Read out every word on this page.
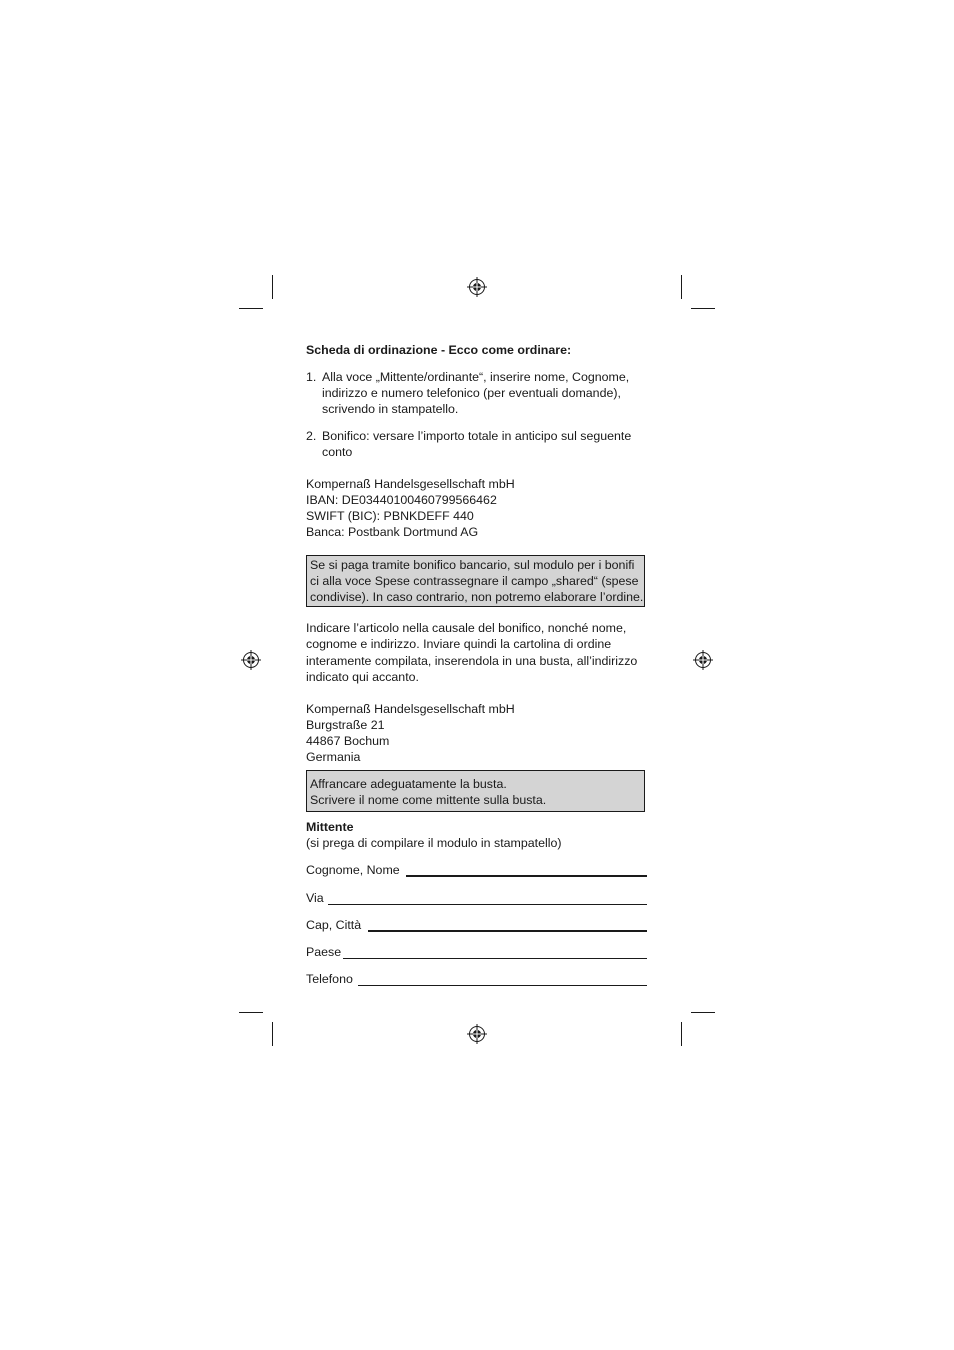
Scheda di ordinazione - Ecco come ordinare:
1. Alla voce „Mittente/ordinante“, inserire nome, Cognome,
indirizzo e numero telefonico (per eventuali domande),
scrivendo in stampatello.
2. Bonifico: versare l’importo totale in anticipo sul seguente
conto
Kompernaß Handelsgesellschaft mbH
IBAN: DE03440100460799566462
SWIFT (BIC): PBNKDEFF 440
Banca: Postbank Dortmund AG
Se si paga tramite bonifico bancario, sul modulo per i bonifi
ci alla voce Spese contrassegnare il campo „shared“ (spese
condivise). In caso contrario, non potremo elaborare l’ordine.
Indicare l’articolo nella causale del bonifico, nonché nome,
cognome e indirizzo. Inviare quindi la cartolina di ordine
interamente compilata, inserendola in una busta, all’indirizzo
indicato qui accanto.
Kompernaß Handelsgesellschaft mbH
Burgstraße 21
44867 Bochum
Germania
Affrancare adeguatamente la busta.
Scrivere il nome come mittente sulla busta.
Mittente
(si prega di compilare il modulo in stampatello)
Cognome, Nome
Via
Cap, Città
Paese
Telefono
